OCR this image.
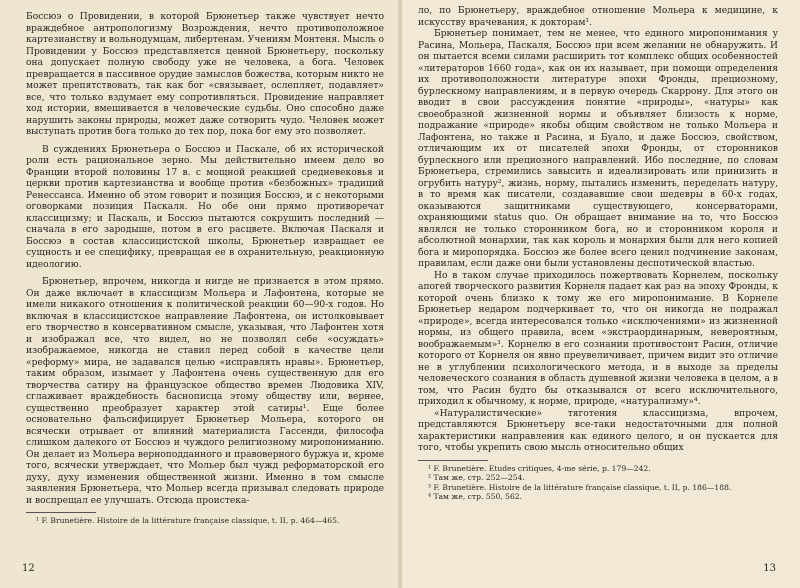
Боссюэ о Провидении, в которой Брюнетьер также чувствует нечто враждебное антропологизму Возрождения, нечто противоположное картезианству и вольнодумцам, либертенам. Учениям Монтеня. Мысль о Провидении у Боссюэ представляется ценной Брюнетьеру, поскольку она допускает полную свободу уже не человека, а бога. Человек превращается в пассивное орудие замыслов божества, которым никто не может препятствовать, так как бог «связывает, ослепляет, подавляет» все, что только вздумает ему сопротивляться. Провидение направляет ход истории, вмешивается в человеческие судьбы. Оно способно даже нарушить законы природы, может даже сотворить чудо. Человек может выступать против бога только до тех пор, пока бог ему это позволяет.

В суждениях Брюнетьера о Боссюэ и Паскале, об их исторической роли есть рациональное зерно. Мы действительно имеем дело во Франции второй половины 17 в. с мощной реакцией средневековья и церкви против картезианства и вообще против «безбожных» традиций Ренессанса. Именно об этом говорит и позиция Боссюэ, и с некоторыми оговорками позиция Паскаля. Но обе они прямо противоречат классицизму; и Паскаль, и Боссюэ пытаются сокрушить последний — сначала в его зародыше, потом в его расцвете. Включая Паскаля и Боссюэ в состав классицистской школы, Брюнетьер извращает ее сущность и ее специфику, превращая ее в охранительную, реакционную идеологию.

Брюнетьер, впрочем, никогда и нигде не признается в этом прямо. Он даже включает в классицизм Мольера и Лафонтена, которые не имели никакого отношения к политической реакции 60—90-х годов. Но включая в классицистское направление Лафонтена, он истолковывает его творчество в консервативном смысле, указывая, что Лафонтен хотя и изображал все, что видел, но не позволял себе «осуждать» изображаемое, никогда не ставил перед собой в качестве цели «реформу» мира, не задавался целью «исправлять нравы». Брюнетьер, таким образом, изымает у Лафонтена очень существенную для его творчества сатиру на французское общество времен Людовика XIV, сглаживает враждебность баснописца этому обществу или, вернее, существенно преобразует характер этой сатиры¹. Еще более основательно фальсифицирует Брюнетьер Мольера, которого он всячески отрывает от влияний материалиста Гассенди, философа слишком далекого от Боссюэ и чуждого религиозному миропониманию. Он делает из Мольера верноподданного и правоверного буржуа и, кроме того, всячески утверждает, что Мольер был чужд реформаторской его духу, духу изменения общественной жизни. Именно в том смысле заявления Брюнетьера, что Мольер всегда призывал следовать природе и воспрещал ее улучшать. Отсюда проистека-

¹ F. Brunetière. Histoire de la littérature française classique, t. II, p. 464—465.

12

ло, по Брюнетьеру, враждебное отношение Мольера к медицине, к искусству врачевания, к докторам¹.

Брюнетьер понимает, тем не менее, что единого миропонимания у Расина, Мольера, Паскаля, Боссюэ при всем желании не обнаружить. И он пытается всеми силами расширить тот комплекс общих особенностей «литераторов 1660 года», как он их называет, при помощи определения их противоположности литературе эпохи Фронды, прециозному, бурлескному направлениям, и в первую очередь Скаррону. Для этого он вводит в свои рассуждения понятие «природы», «натуры» как своеобразной жизненной нормы и объявляет близость к норме, подражание «природе» якобы общим свойством не только Мольера и Лафонтена, но также и Расина, и Буало, и даже Боссюэ, свойством, отличающим их от писателей эпохи Фронды, от сторонников бурлескного или прециозного направлений. Ибо последние, по словам Брюнетьера, стремились завысить и идеализировать или принизить и огрубить натуру², жизнь, норму, пытались изменить, переделать натуру, в то время как писатели, создававшие свои шедевры в 60-х годах, оказываются защитниками существующего, консерваторами, охраняющими status quo. Он обращает внимание на то, что Боссюэ являлся не только сторонником бога, но и сторонником короля и абсолютной монархии, так как король и монархия были для него копией бога и миропорядка. Боссюэ же более всего ценил подчинение законам, правилам, если даже они были установлены деспотической властью.

Но в таком случае приходилось пожертвовать Корнелем, поскольку апогей творческого развития Корнеля падает как раз на эпоху Фронды, к которой очень близко к тому же его миропонимание. В Корнеле Брюнетьер недаром подчеркивает то, что он никогда не подражал «природе», всегда интересовался только «исключениями» из жизненной нормы, из общего правила, всем «экстраординарным, невероятным, воображаемым»³. Корнелю в его сознании противостоит Расин, отличие которого от Корнеля он явно преувеличивает, причем видит это отличие не в углублении психологического метода, и в выходе за пределы человеческого сознания в область душевной жизни человека в целом, а в том, что Расин будто бы отказывался от всего исключительного, приходил к обычному, к норме, природе, «натурализму»⁴.

«Натуралистические» тяготения классицизма, впрочем, представляются Брюнетьеру все-таки недостаточными для полной характеристики направления как единого целого, и он пускается для того, чтобы укрепить свою мысль относительно общих

¹ F. Brunetière. Etudes critiques, 4-me série, p. 179—242.

² Там же, стр. 252—254.

³ F. Brunetière. Histoire de la littérature française classique, t. II, p. 186—188.

⁴ Там же, стр. 550, 562.

13
